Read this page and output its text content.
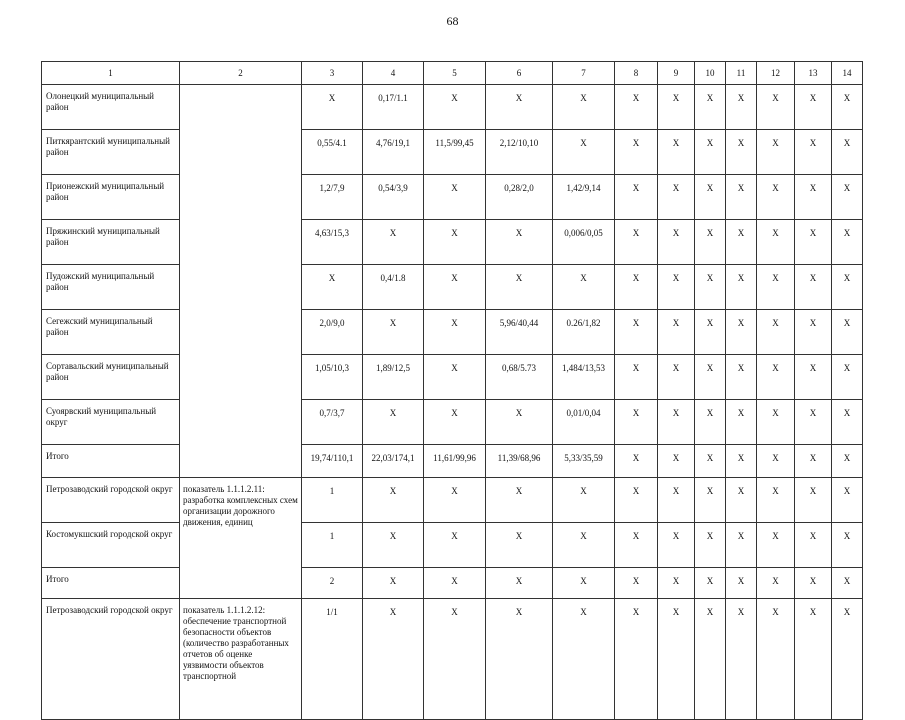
68
1	2	3	4	5	6	7	8	9	10	11	12	13	14
Олонецкий муниципальный район		Х	0,17/1.1	Х	Х	Х	Х	Х	Х	Х	Х	Х	Х
Питкярантский муниципальный район		0,55/4.1	4,76/19,1	11,5/99,45	2,12/10,10	Х	Х	Х	Х	Х	Х	Х	Х
Прионежский муниципальный район		1,2/7,9	0,54/3,9	Х	0,28/2,0	1,42/9,14	Х	Х	Х	Х	Х	Х	Х
Пряжинский муниципальный район		4,63/15,3	Х	Х	Х	0,006/0,05	Х	Х	Х	Х	Х	Х	Х
Пудожский муниципальный район		Х	0,4/1.8	Х	Х	Х	Х	Х	Х	Х	Х	Х	Х
Сегежский муниципальный район		2,0/9,0	Х	Х	5,96/40,44	0.26/1,82	Х	Х	Х	Х	Х	Х	Х
Сортавальский муниципальный район		1,05/10,3	1,89/12,5	Х	0,68/5.73	1,484/13,53	Х	Х	Х	Х	Х	Х	Х
Суоярвский муниципальный округ		0,7/3,7	Х	Х	Х	0,01/0,04	Х	Х	Х	Х	Х	Х	Х
Итого		19,74/110,1	22,03/174,1	11,61/99,96	11,39/68,96	5,33/35,59	Х	Х	Х	Х	Х	Х	Х
Петрозаводский городской округ	показатель 1.1.1.2.11: разработка комплексных схем организации дорожного движения, единиц	1	Х	Х	Х	Х	Х	Х	Х	Х	Х	Х	Х
Костомукшский городской округ		1	Х	Х	Х	Х	Х	Х	Х	Х	Х	Х	Х
Итого		2	Х	Х	Х	Х	Х	Х	Х	Х	Х	Х	Х
Петрозаводский городской округ	показатель 1.1.1.2.12: обеспечение транспортной безопасности объектов (количество разработанных отчетов об оценке уязвимости объектов транспортной	1/1	Х	Х	Х	Х	Х	Х	Х	Х	Х	Х	Х
